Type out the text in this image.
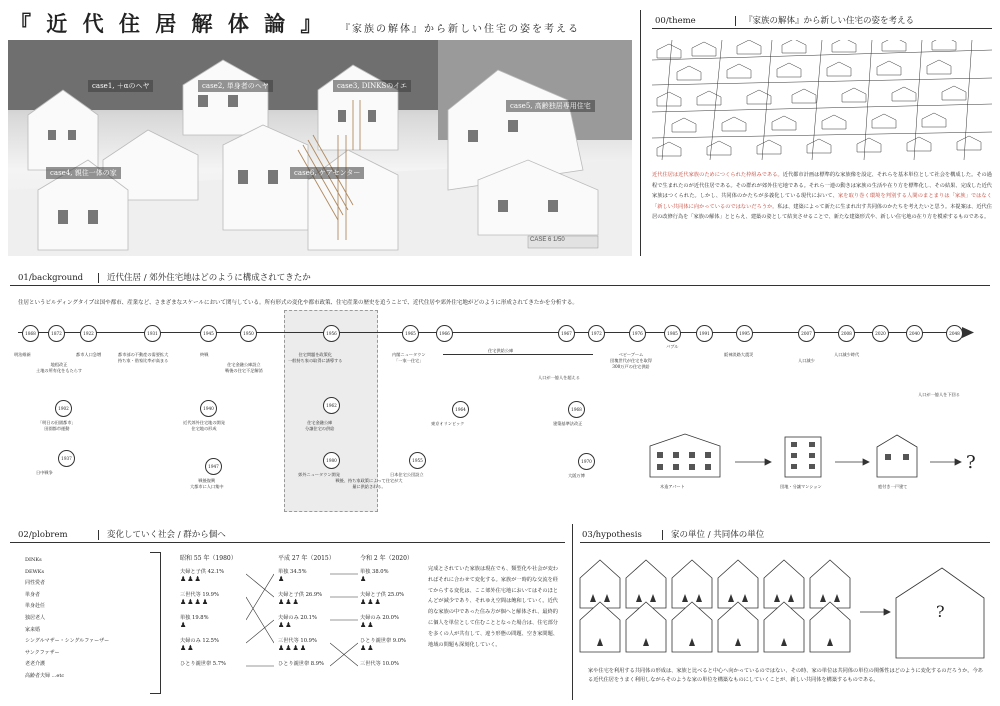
『 近 代 住 居 解 体 論 』 『家族の解体』から新しい住宅の姿を考える
case1, ＋αのヘヤ	case2, 単身者のヘヤ	case3, DINKSのイエ
case4, 親住一体の家
case5, 高齢独居専用住宅
case6, ケアセンター
CASE 6 1/50
00/theme	『家族の解体』から新しい住宅の姿を考える
近代住居は近代家族のためにつくられた枠組みである。近代都市計画は標準的な家族像を設定、それらを基本単位として社会を構成した。その過程で生まれたのが近代住居である。その群れが郊外住宅地である。それら一連の動きは家族の生活や在り方を標準化し、その結果、完成した近代家族はつくられた。しかし、共同体のかたちが多義化している現代において、家を取り巻く環境を判別する人間のまとまりは「家族」ではなく「新しい共同体に向かっているのではないだろうか。私は、建築によって新たに生まれ出す共同体のかたちを考えたいと思う。本提案は、近代住居の改修行為を「家族の解体」ととらえ、建築の姿として結実させることで、新たな建築形式や、新しい住宅地の在り方を模索するものである。
01/background	近代住居 / 郊外住宅地はどのように構成されてきたか
住居というビルディングタイプは国や都市、産業など、さまざまなスケールにおいて関与している。所有形式の変化や都市政策、住宅産業の歴史を追うことで、近代住居や郊外住宅地がどのように形成されてきたかを分析する。
1868	1872	1922	1931	1945	1950	1956	1965	1966	1967	1972	1976	1985	1991	1995	2007	2008	2020	2040	2048
明治維新
地租改正
土地の所有化をもたらす
都市人口急増	都市部の不動産の需要拡大
持ち家・借家比率が高まる
終戦
住宅金融公庫設立
戦後の住宅不足解消
住宅問題を政策化
一般持ち家の取得に誘導する
内閣ニュータウン
「一家一住宅」
人口が一億人を超える
ベビーブーム
団塊世代が住宅を取得
300万戸の住宅供給
バブル
阪神淡路大震災
人口減少
人口減少時代
人口が一億人を下回る
住宅供給公庫
1902	1940
1937
1947
1962
1980
1964
1955
1968
1970
「明日の田園都市」
田園都市運動
近代郊外住宅地の開発
住宅地の形成
日中戦争
戦後復興
大都市に人口集中
住宅金融公庫
分譲住宅の供給
郊外ニュータウン開発
東京オリンピック
日本住宅公団設立
建築基準法改正
大阪万博
戦後、持ち家政策によって住宅が大量に供給される。	木造アパート	団地・分譲マンション	庭付き一戸建て
?
02/plobrem	変化していく社会 / 群から個へ
DINKs
DEWKs
同性愛者
単身者
単身赴任
独居老人
家来婚
シングルマザー・シングルファーザー
サンクファザー
老老介護
高齢者夫婦 ...etc
昭和 55 年（1980）
夫婦と子供 42.1%
♟♟♟
三世代等 19.9%
♟♟♟♟
単独 19.8%
♟
夫婦のみ 12.5%
♟♟
ひとり親世帯 5.7%
平成 27 年（2015）
単独 34.5%
♟
夫婦と子供 26.9%
♟♟♟
夫婦のみ 20.1%
♟♟
三世代等 10.9%
♟♟♟♟
ひとり親世帯 8.9%
令和 2 年（2020）
単独 38.0%
♟
夫婦と子供 25.0%
♟♟♟
夫婦のみ 20.0%
♟♟
ひとり親世帯 9.0%
♟♟
三世代等 10.0%
完成とされていた家族は現在でも、類型化や社会が変わればそれに合わせて変化する。家族が一時的な交流を経てからする変化は、ここ郊外住宅地においてはそのほとんどが減少であり、それゆえ空間は飽和していく。近代的な家族の中であった住み方が個へと解体され、最終的に個人を単位として住むこととなった場合は、住宅部分を多くの人が共有して、違う形態の問題、空き家問題、地域の問題も深刻化していく。
03/hypothesis	家の単位 / 共同体の単位
?
家や住宅を利用する共同体の形成は、家族と比べると中心へ向かっているのではない、その時、家の単位は共同体の単位の関係性はどのように変化するのだろうか。今ある近代住居をうまく利用しながらそのような家の単位を構築なものにしていくことが、新しい共同体を構築するものである。
